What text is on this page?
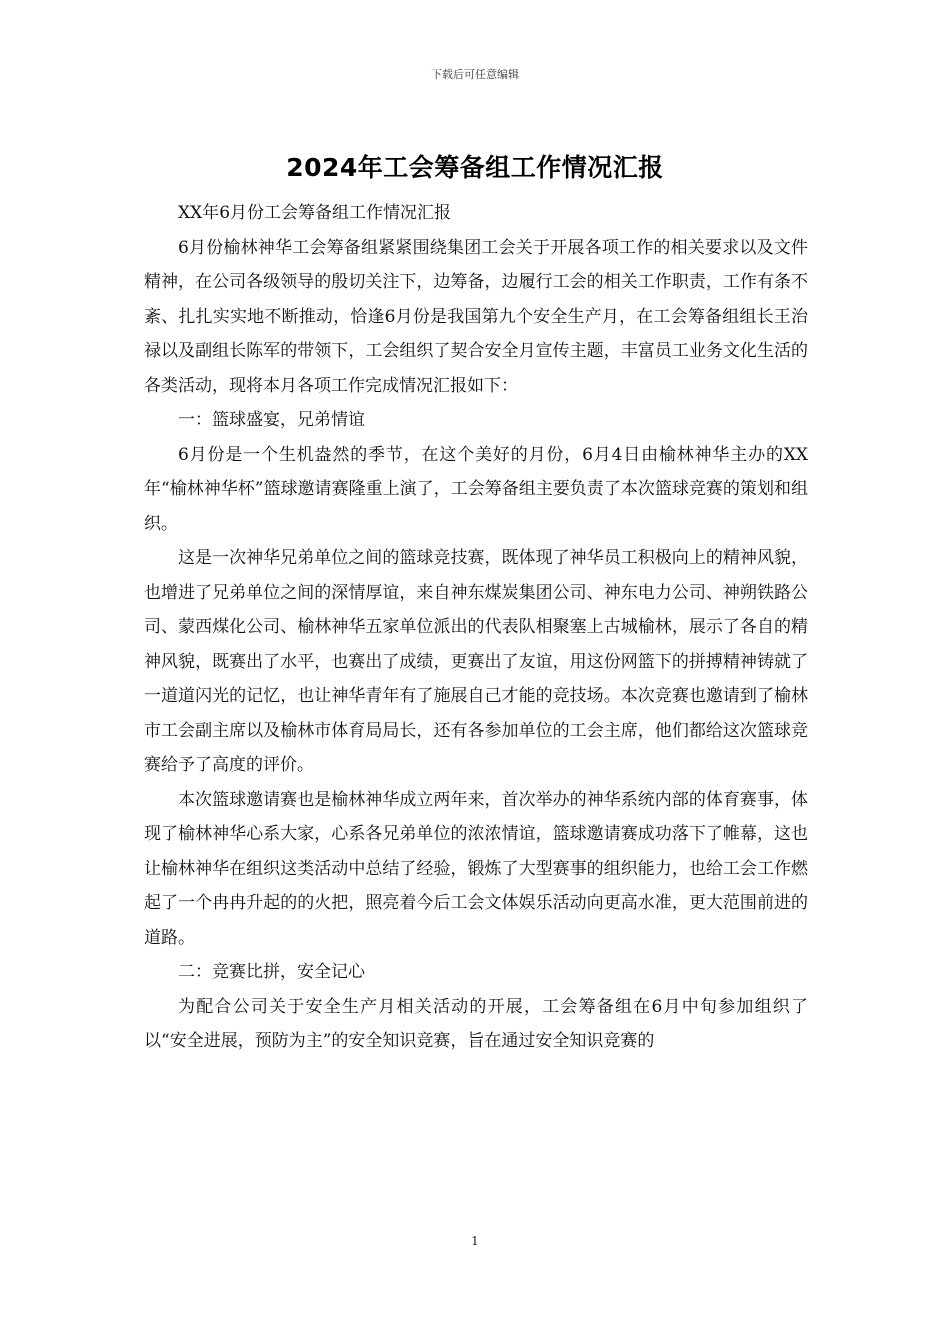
下载后可任意编辑
2024年工会筹备组工作情况汇报

XX年6月份工会筹备组工作情况汇报

6月份榆林神华工会筹备组紧紧围绕集团工会关于开展各项工作的相关要求以及文件精神，在公司各级领导的殷切关注下，边筹备，边履行工会的相关工作职责，工作有条不紊、扎扎实实地不断推动，恰逢6月份是我国第九个安全生产月，在工会筹备组组长王治禄以及副组长陈军的带领下，工会组织了契合安全月宣传主题，丰富员工业务文化生活的各类活动，现将本月各项工作完成情况汇报如下：

一：篮球盛宴，兄弟情谊

6月份是一个生机盎然的季节，在这个美好的月份，6月4日由榆林神华主办的XX年“榆林神华杯”篮球邀请赛隆重上演了，工会筹备组主要负责了本次篮球竞赛的策划和组织。

这是一次神华兄弟单位之间的篮球竞技赛，既体现了神华员工积极向上的精神风貌，也增进了兄弟单位之间的深情厚谊，来自神东煤炭集团公司、神东电力公司、神朔铁路公司、蒙西煤化公司、榆林神华五家单位派出的代表队相聚塞上古城榆林，展示了各自的精神风貌，既赛出了水平，也赛出了成绩，更赛出了友谊，用这份网篮下的拼搏精神铸就了一道道闪光的记忆，也让神华青年有了施展自己才能的竞技场。本次竞赛也邀请到了榆林市工会副主席以及榆林市体育局局长，还有各参加单位的工会主席，他们都给这次篮球竞赛给予了高度的评价。

本次篮球邀请赛也是榆林神华成立两年来，首次举办的神华系统内部的体育赛事，体现了榆林神华心系大家，心系各兄弟单位的浓浓情谊，篮球邀请赛成功落下了帷幕，这也让榆林神华在组织这类活动中总结了经验，锻炼了大型赛事的组织能力，也给工会工作燃起了一个冉冉升起的的火把，照亮着今后工会文体娱乐活动向更高水准，更大范围前进的道路。

二：竞赛比拼，安全记心

为配合公司关于安全生产月相关活动的开展，工会筹备组在6月中旬参加组织了以“安全进展，预防为主”的安全知识竞赛，旨在通过安全知识竞赛的

1
